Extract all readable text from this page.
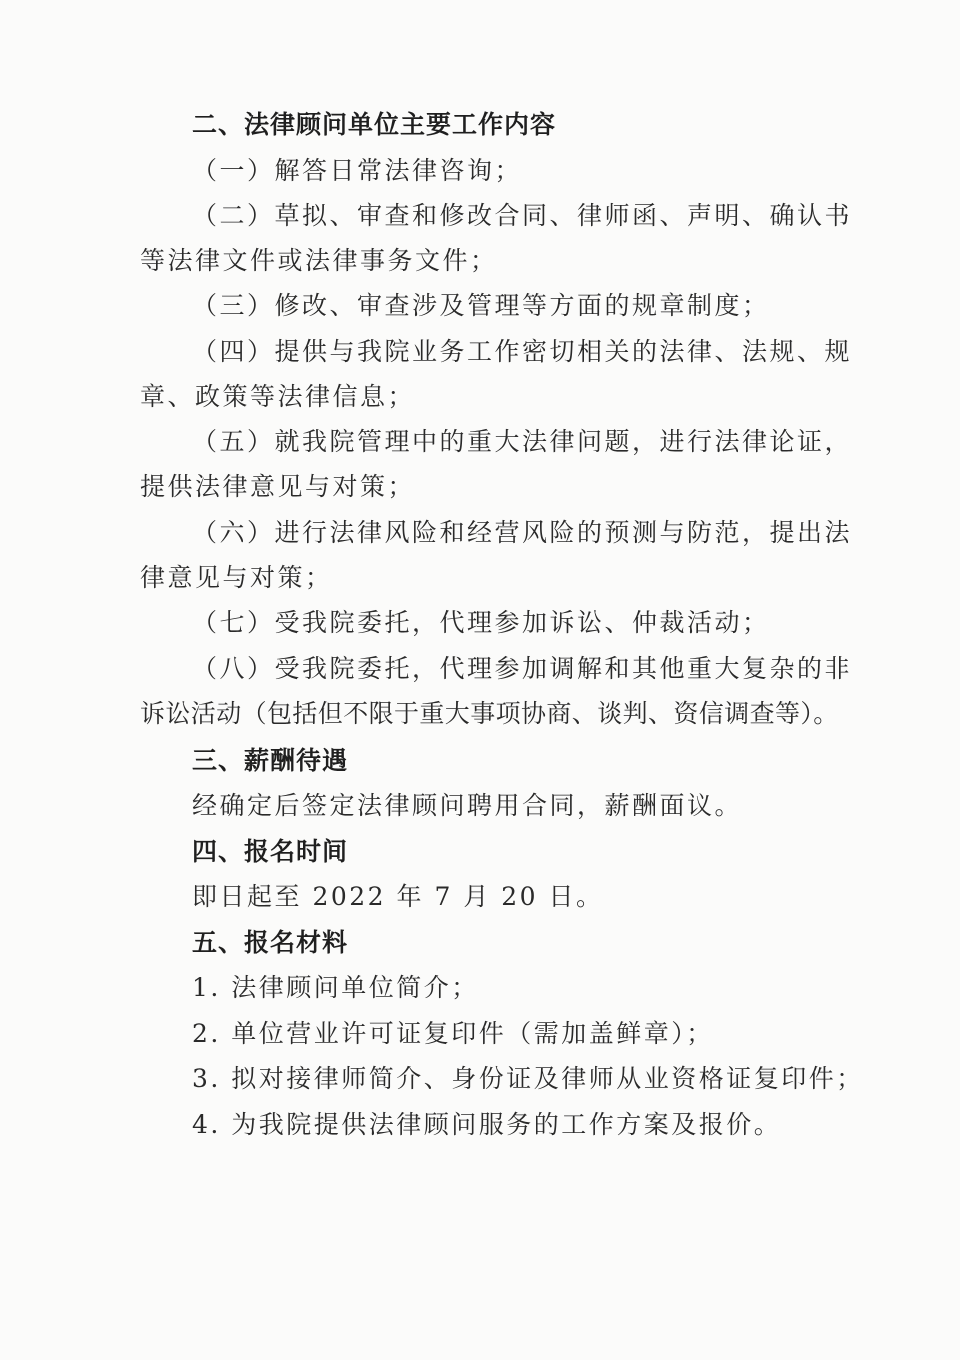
二、法律顾问单位主要工作内容
（一）解答日常法律咨询；
（二）草拟、审查和修改合同、律师函、声明、确认书
等法律文件或法律事务文件；
（三）修改、审查涉及管理等方面的规章制度；
（四）提供与我院业务工作密切相关的法律、法规、规
章、政策等法律信息；
（五）就我院管理中的重大法律问题，进行法律论证，
提供法律意见与对策；
（六）进行法律风险和经营风险的预测与防范，提出法
律意见与对策；
（七）受我院委托，代理参加诉讼、仲裁活动；
（八）受我院委托，代理参加调解和其他重大复杂的非
诉讼活动（包括但不限于重大事项协商、谈判、资信调查等）。
三、薪酬待遇
经确定后签定法律顾问聘用合同，薪酬面议。
四、报名时间
即日起至 2022 年 7 月 20 日。
五、报名材料
1. 法律顾问单位简介；
2. 单位营业许可证复印件（需加盖鲜章）；
3. 拟对接律师简介、身份证及律师从业资格证复印件；
4. 为我院提供法律顾问服务的工作方案及报价。
